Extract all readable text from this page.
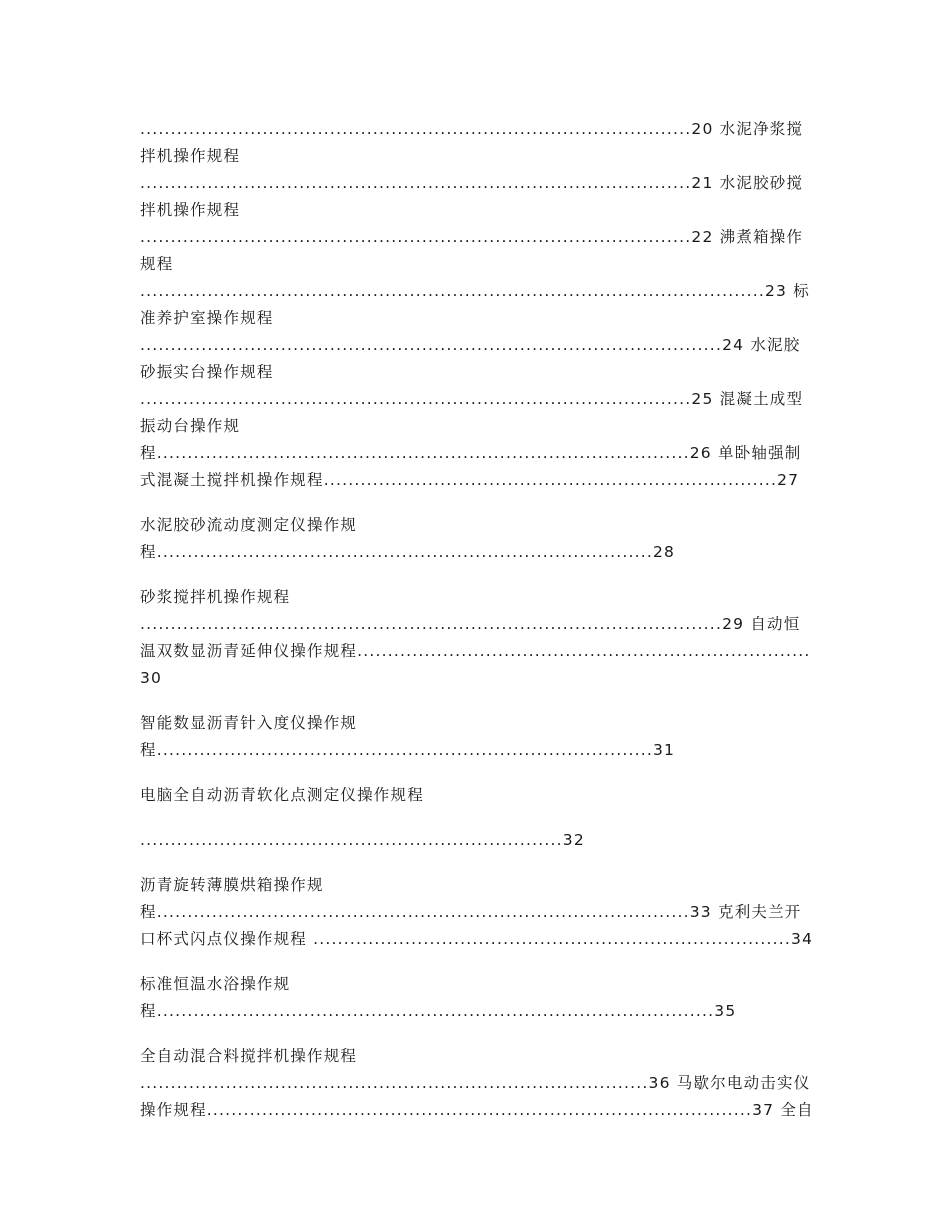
..........................................................................................20 水泥净浆搅
拌机操作规程
..........................................................................................21 水泥胶砂搅
拌机操作规程
..........................................................................................22 沸煮箱操作
规程
......................................................................................................23 标
准养护室操作规程
...............................................................................................24 水泥胶
砂振实台操作规程
..........................................................................................25 混凝土成型
振动台操作规
程.......................................................................................26 单卧轴强制
式混凝土搅拌机操作规程..........................................................................27
水泥胶砂流动度测定仪操作规
程.................................................................................28
砂浆搅拌机操作规程
...............................................................................................29 自动恒
温双数显沥青延伸仪操作规程..........................................................................
30
智能数显沥青针入度仪操作规
程.................................................................................31
电脑全自动沥青软化点测定仪操作规程
.....................................................................32
沥青旋转薄膜烘箱操作规
程.......................................................................................33 克利夫兰开
口杯式闪点仪操作规程 ..............................................................................34
标准恒温水浴操作规
程...........................................................................................35
全自动混合料搅拌机操作规程
...................................................................................36 马歇尔电动击实仪
操作规程.........................................................................................37 全自
